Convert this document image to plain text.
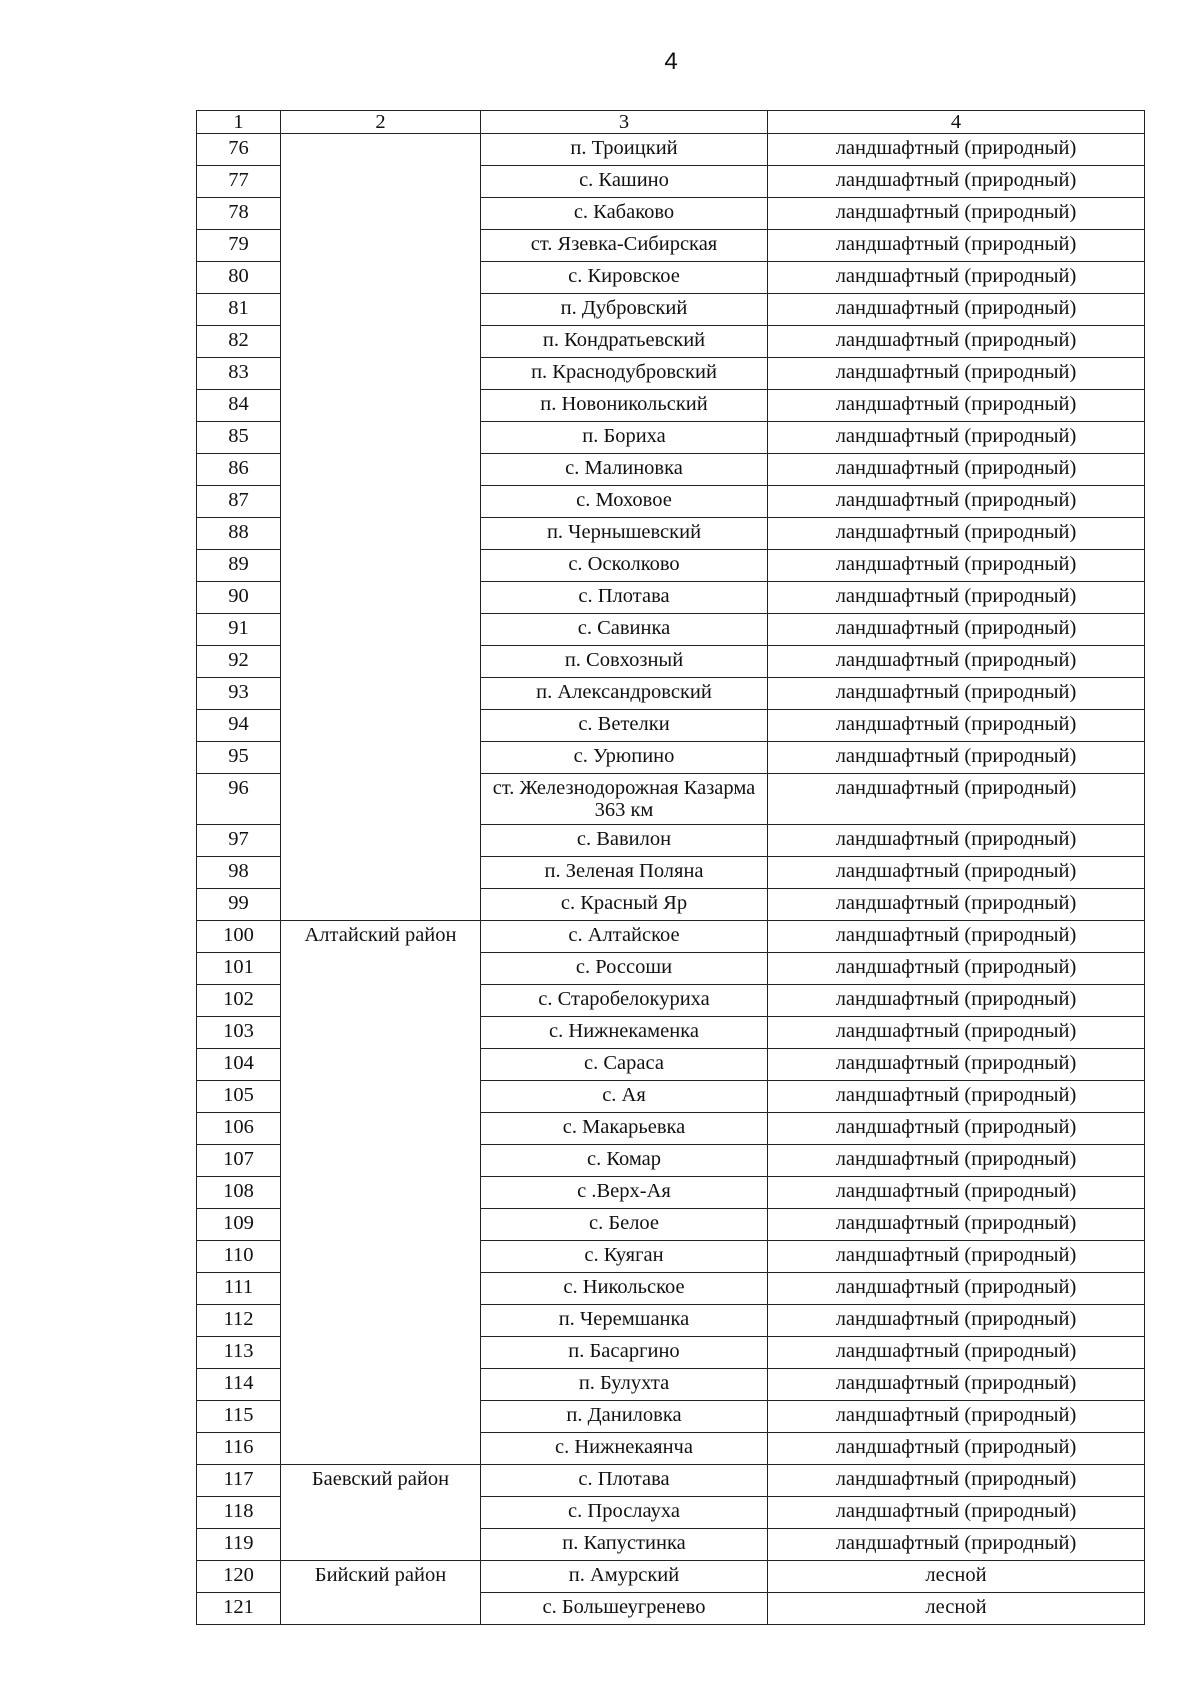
4
1	2	3	4
76		п. Троицкий	ландшафтный (природный)
77		с. Кашино	ландшафтный (природный)
78		с. Кабаково	ландшафтный (природный)
79		ст. Язевка-Сибирская	ландшафтный (природный)
80		с. Кировское	ландшафтный (природный)
81		п. Дубровский	ландшафтный (природный)
82		п. Кондратьевский	ландшафтный (природный)
83		п. Краснодубровский	ландшафтный (природный)
84		п. Новоникольский	ландшафтный (природный)
85		п. Бориха	ландшафтный (природный)
86		с. Малиновка	ландшафтный (природный)
87		с. Моховое	ландшафтный (природный)
88		п. Чернышевский	ландшафтный (природный)
89		с. Осколково	ландшафтный (природный)
90		с. Плотава	ландшафтный (природный)
91		с. Савинка	ландшафтный (природный)
92		п. Совхозный	ландшафтный (природный)
93		п. Александровский	ландшафтный (природный)
94		с. Ветелки	ландшафтный (природный)
95		с. Урюпино	ландшафтный (природный)
96		ст. Железнодорожная Казарма 363 км	ландшафтный (природный)
97		с. Вавилон	ландшафтный (природный)
98		п. Зеленая Поляна	ландшафтный (природный)
99		с. Красный Яр	ландшафтный (природный)
100	Алтайский район	с. Алтайское	ландшафтный (природный)
101		с. Россоши	ландшафтный (природный)
102		с. Старобелокуриха	ландшафтный (природный)
103		с. Нижнекаменка	ландшафтный (природный)
104		с. Сараса	ландшафтный (природный)
105		с. Ая	ландшафтный (природный)
106		с. Макарьевка	ландшафтный (природный)
107		с. Комар	ландшафтный (природный)
108		с .Верх-Ая	ландшафтный (природный)
109		с. Белое	ландшафтный (природный)
110		с. Куяган	ландшафтный (природный)
111		с. Никольское	ландшафтный (природный)
112		п. Черемшанка	ландшафтный (природный)
113		п. Басаргино	ландшафтный (природный)
114		п. Булухта	ландшафтный (природный)
115		п. Даниловка	ландшафтный (природный)
116		с. Нижнекаянча	ландшафтный (природный)
117	Баевский район	с. Плотава	ландшафтный (природный)
118		с. Прослауха	ландшафтный (природный)
119		п. Капустинка	ландшафтный (природный)
120	Бийский район	п. Амурский	лесной
121		с. Большеугренево	лесной
